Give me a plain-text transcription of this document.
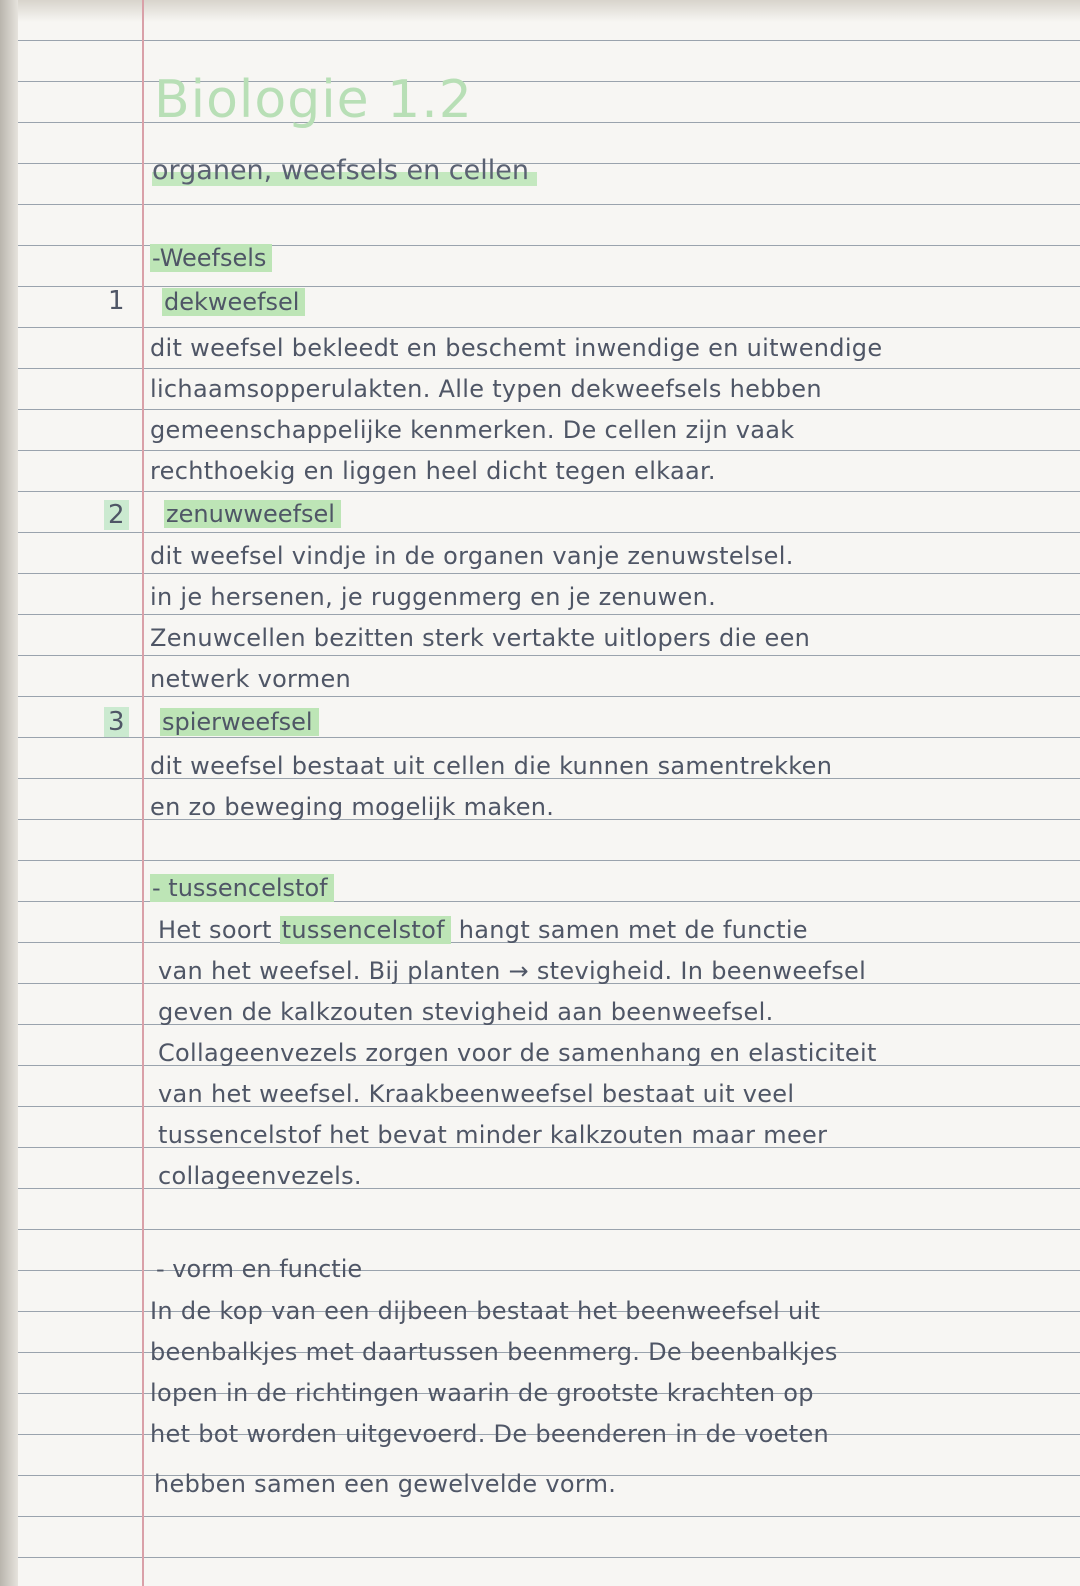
Biologie 1.2
organen, weefsels en cellen
-Weefsels
1 dekweefsel
dit weefsel bekleedt en beschemt inwendige en uitwendige
lichaamsopperulakten. Alle typen dekweefsels hebben
gemeenschappelijke kenmerken. De cellen zijn vaak
rechthoekig en liggen heel dicht tegen elkaar.
2 zenuwweefsel
dit weefsel vindje in de organen vanje zenuwstelsel.
in je hersenen, je ruggenmerg en je zenuwen.
Zenuwcellen bezitten sterk vertakte uitlopers die een
netwerk vormen
3 spierweefsel
dit weefsel bestaat uit cellen die kunnen samentrekken
en zo beweging mogelijk maken.
- tussencelstof
Het soort tussencelstof hangt samen met de functie
van het weefsel. Bij planten → stevigheid. In beenweefsel
geven de kalkzouten stevigheid aan beenweefsel.
Collageenvezels zorgen voor de samenhang en elasticiteit
van het weefsel. Kraakbeenweefsel bestaat uit veel
tussencelstof het bevat minder kalkzouten maar meer
collageenvezels.
- vorm en functie
In de kop van een dijbeen bestaat het beenweefsel uit
beenbalkjes met daartussen beenmerg. De beenbalkjes
lopen in de richtingen waarin de grootste krachten op
het bot worden uitgevoerd. De beenderen in de voeten
hebben samen een gewelvelde vorm.
